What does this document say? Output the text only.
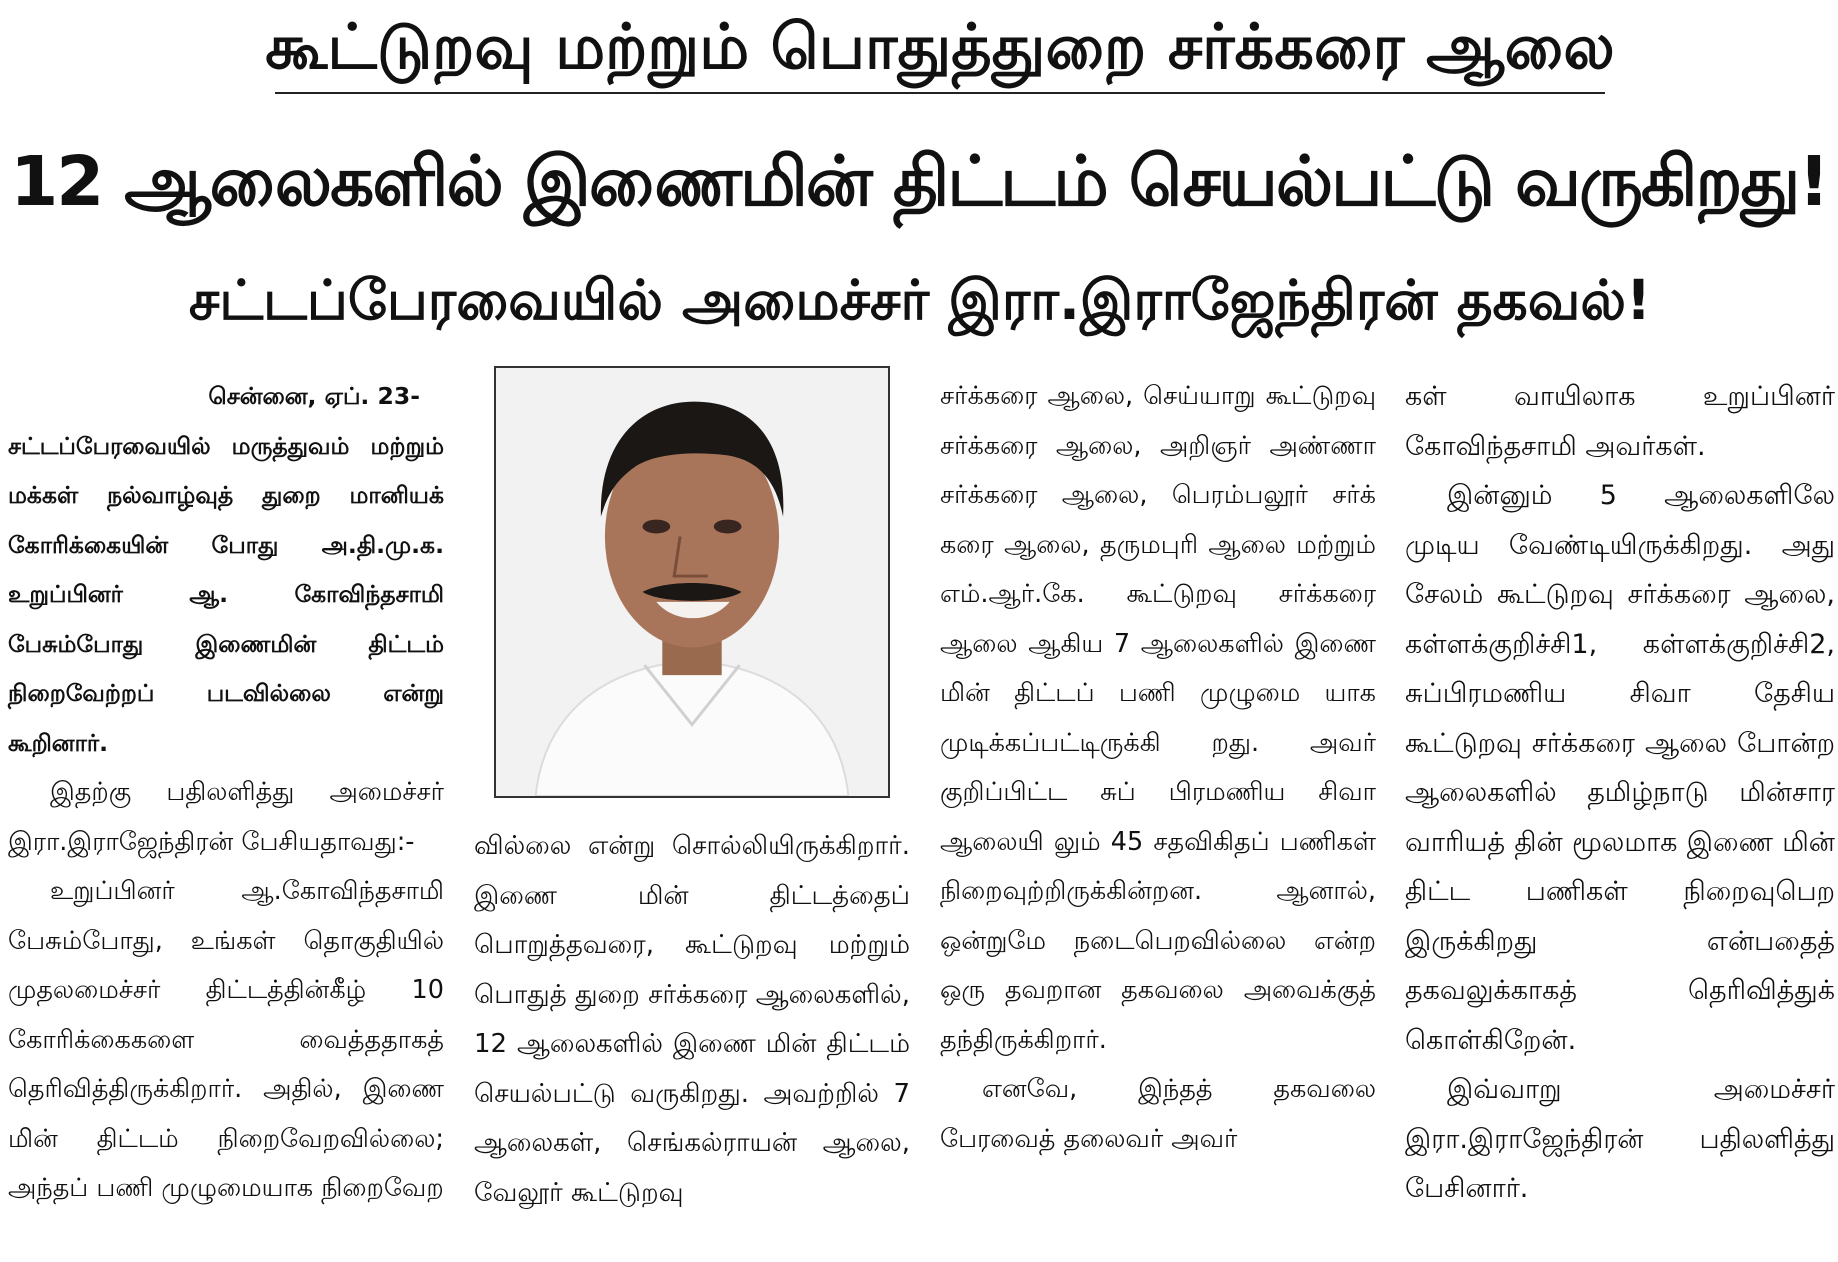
கூட்டுறவு மற்றும் பொதுத்துறை சர்க்கரை ஆலை
12 ஆலைகளில் இணைமின் திட்டம் செயல்பட்டு வருகிறது!
சட்டப்பேரவையில் அமைச்சர் இரா.இராஜேந்திரன் தகவல்!

சென்னை, ஏப். 23-
சட்டப்பேரவையில் மருத்துவம் மற்றும் மக்கள் நல்வாழ்வுத் துறை மானியக் கோரிக்கையின் போது அ.தி.மு.க. உறுப்பினர் ஆ. கோவிந்தசாமி பேசும்போது இணைமின் திட்டம் நிறைவேற்றப் படவில்லை என்று கூறினார்.

இதற்கு பதிலளித்து அமைச்சர் இரா.இராஜேந்திரன் பேசியதாவது:-

உறுப்பினர் ஆ.கோவிந்தசாமி பேசும்போது, உங்கள் தொகுதியில் முதலமைச்சர் திட்டத்தின்கீழ் 10 கோரிக்கைகளை வைத்ததாகத் தெரிவித்திருக்கிறார். அதில், இணை மின் திட்டம் நிறைவேறவில்லை; அந்தப் பணி முழுமையாக நிறைவேற

வில்லை என்று சொல்லியிருக்கிறார். இணை மின் திட்டத்தைப் பொறுத்தவரை, கூட்டுறவு மற்றும் பொதுத் துறை சர்க்கரை ஆலைகளில், 12 ஆலைகளில் இணை மின் திட்டம் செயல்பட்டு வருகிறது. அவற்றில் 7 ஆலைகள், செங்கல்ராயன் ஆலை, வேலூர் கூட்டுறவு

சர்க்கரை ஆலை, செய்யாறு கூட்டுறவு சர்க்கரை ஆலை, அறிஞர் அண்ணா சர்க்கரை ஆலை, பெரம்பலூர் சர்க் கரை ஆலை, தருமபுரி ஆலை மற்றும் எம்.ஆர்.கே. கூட்டுறவு சர்க்கரை ஆலை ஆகிய 7 ஆலைகளில் இணை மின் திட்டப் பணி முழுமை யாக முடிக்கப்பட்டிருக்கி றது. அவர் குறிப்பிட்ட சுப் பிரமணிய சிவா ஆலையி லும் 45 சதவிகிதப் பணிகள் நிறைவுற்றிருக்கின்றன. ஆனால், ஒன்றுமே நடைபெறவில்லை என்ற ஒரு தவறான தகவலை அவைக்குத் தந்திருக்கிறார்.

எனவே, இந்தத் தகவலை பேரவைத் தலைவர் அவர்

கள் வாயிலாக உறுப்பினர் கோவிந்தசாமி அவர்கள்.

இன்னும் 5 ஆலைகளிலே முடிய வேண்டியிருக்கிறது. அது சேலம் கூட்டுறவு சர்க்கரை ஆலை, கள்ளக்குறிச்சி1, கள்ளக்குறிச்சி2, சுப்பிரமணிய சிவா தேசிய கூட்டுறவு சர்க்கரை ஆலை போன்ற ஆலைகளில் தமிழ்நாடு மின்சார வாரியத் தின் மூலமாக இணை மின் திட்ட பணிகள் நிறைவுபெற இருக்கிறது என்பதைத் தகவலுக்காகத் தெரிவித்துக் கொள்கிறேன்.

இவ்வாறு அமைச்சர் இரா.இராஜேந்திரன் பதிலளித்து பேசினார்.
